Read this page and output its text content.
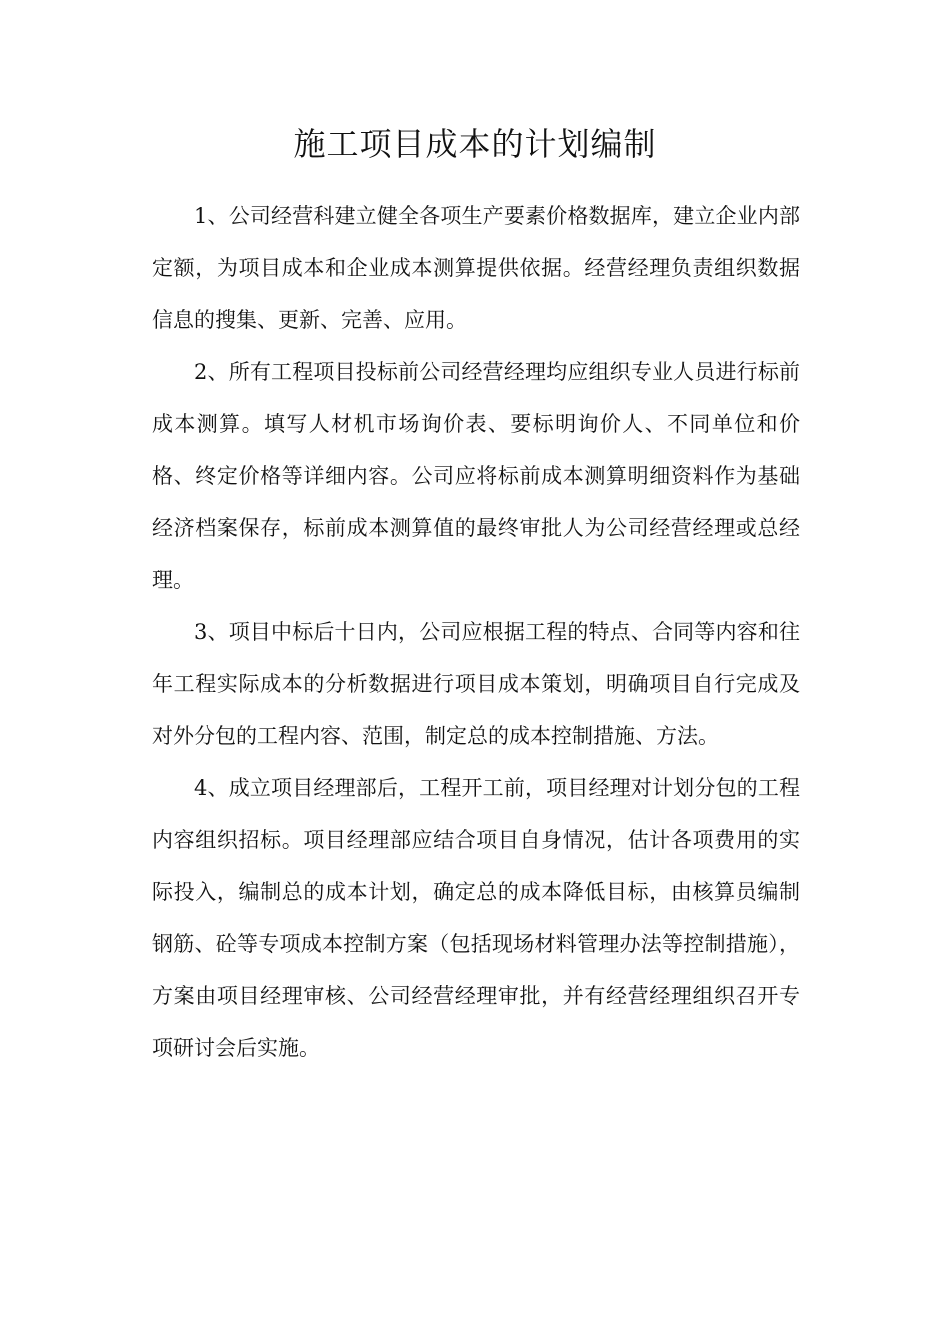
施工项目成本的计划编制

1、公司经营科建立健全各项生产要素价格数据库，建立企业内部定额，为项目成本和企业成本测算提供依据。经营经理负责组织数据信息的搜集、更新、完善、应用。

2、所有工程项目投标前公司经营经理均应组织专业人员进行标前成本测算。填写人材机市场询价表、要标明询价人、不同单位和价格、终定价格等详细内容。公司应将标前成本测算明细资料作为基础经济档案保存，标前成本测算值的最终审批人为公司经营经理或总经理。

3、项目中标后十日内，公司应根据工程的特点、合同等内容和往年工程实际成本的分析数据进行项目成本策划，明确项目自行完成及对外分包的工程内容、范围，制定总的成本控制措施、方法。

4、成立项目经理部后，工程开工前，项目经理对计划分包的工程内容组织招标。项目经理部应结合项目自身情况，估计各项费用的实际投入，编制总的成本计划，确定总的成本降低目标，由核算员编制钢筋、砼等专项成本控制方案（包括现场材料管理办法等控制措施），方案由项目经理审核、公司经营经理审批，并有经营经理组织召开专项研讨会后实施。
